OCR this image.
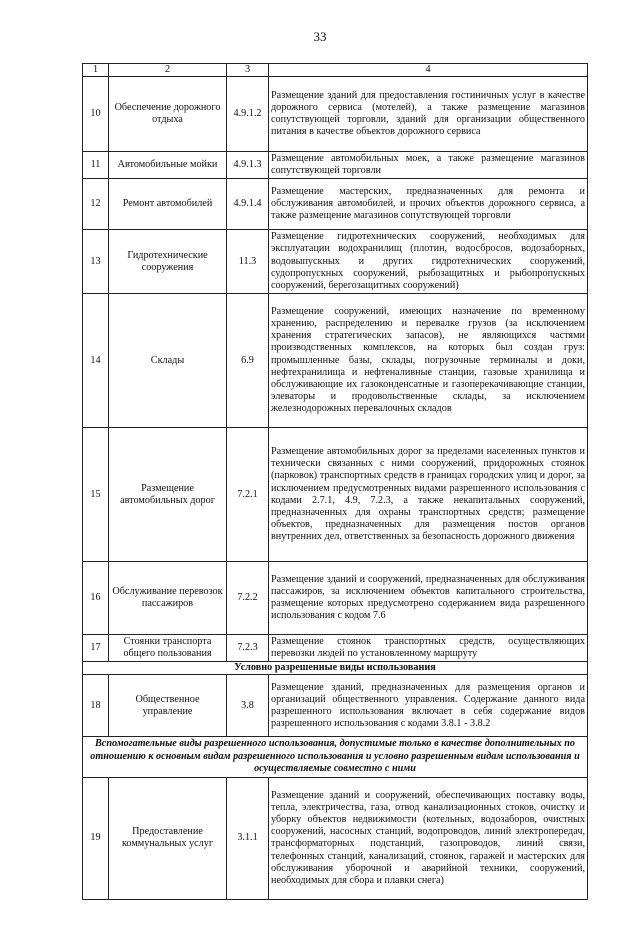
33
1	2	3	4
10	Обеспечение дорожного отдыха	4.9.1.2	Размещение зданий для предоставления гостиничных услуг в качестве дорожного сервиса (мотелей), а также размещение магазинов сопутствующей торговли, зданий для организации общественного питания в качестве объектов дорожного сервиса
11	Автомобильные мойки	4.9.1.3	Размещение автомобильных моек, а также размещение магазинов сопутствующей торговли
12	Ремонт автомобилей	4.9.1.4	Размещение мастерских, предназначенных для ремонта и обслуживания автомобилей, и прочих объектов дорожного сервиса, а также размещение магазинов сопутствующей торговли
13	Гидротехнические сооружения	11.3	Размещение гидротехнических сооружений, необходимых для эксплуатации водохранилищ (плотин, водосбросов, водозаборных, водовыпускных и других гидротехнических сооружений, судопропускных сооружений, рыбозащитных и рыбопропускных сооружений, берегозащитных сооружений)
14	Склады	6.9	Размещение сооружений, имеющих назначение по временному хранению, распределению и перевалке грузов (за исключением хранения стратегических запасов), не являющихся частями производственных комплексов, на которых был создан груз: промышленные базы, склады, погрузочные терминалы и доки, нефтехранилища и нефтеналивные станции, газовые хранилища и обслуживающие их газоконденсатные и газоперекачивающие станции, элеваторы и продовольственные склады, за исключением железнодорожных перевалочных складов
15	Размещение автомобильных дорог	7.2.1	Размещение автомобильных дорог за пределами населенных пунктов и технически связанных с ними сооружений, придорожных стоянок (парковок) транспортных средств в границах городских улиц и дорог, за исключением предусмотренных видами разрешенного использования с кодами 2.7.1, 4.9, 7.2.3, а также некапитальных сооружений, предназначенных для охраны транспортных средств; размещение объектов, предназначенных для размещения постов органов внутренних дел, ответственных за безопасность дорожного движения
16	Обслуживание перевозок пассажиров	7.2.2	Размещение зданий и сооружений, предназначенных для обслуживания пассажиров, за исключением объектов капитального строительства, размещение которых предусмотрено содержанием вида разрешенного использования с кодом 7.6
17	Стоянки транспорта общего пользования	7.2.3	Размещение стоянок транспортных средств, осуществляющих перевозки людей по установленному маршруту
Условно разрешенные виды использования			
18	Общественное управление	3.8	Размещение зданий, предназначенных для размещения органов и организаций общественного управления. Содержание данного вида разрешенного использования включает в себя содержание видов разрешенного использования с кодами 3.8.1 - 3.8.2
Вспомогательные виды разрешенного использования, допустимые только в качестве дополнительных по отношению к основным видам разрешенного использования и условно разрешенным видам использования и осуществляемые совместно с ними			
19	Предоставление коммунальных услуг	3.1.1	Размещение зданий и сооружений, обеспечивающих поставку воды, тепла, электричества, газа, отвод канализационных стоков, очистку и уборку объектов недвижимости (котельных, водозаборов, очистных сооружений, насосных станций, водопроводов, линий электропередач, трансформаторных подстанций, газопроводов, линий связи, телефонных станций, канализаций, стоянок, гаражей и мастерских для обслуживания уборочной и аварийной техники, сооружений, необходимых для сбора и плавки снега)
